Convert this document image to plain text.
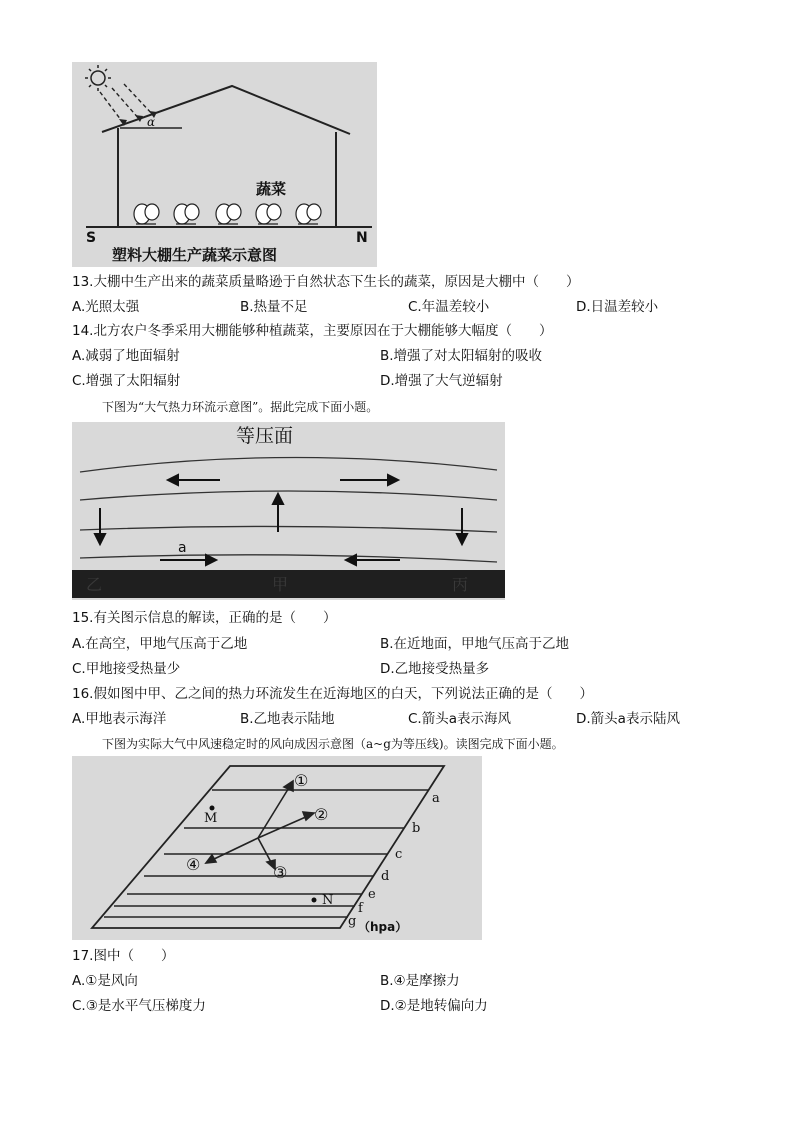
α
蔬菜
S	N
塑料大棚生产蔬菜示意图
13.大棚中生产出来的蔬菜质量略逊于自然状态下生长的蔬菜，原因是大棚中（　　）
A.光照太强	B.热量不足	C.年温差较小	D.日温差较小
14.北方农户冬季采用大棚能够种植蔬菜，主要原因在于大棚能够大幅度（　　）
A.减弱了地面辐射	B.增强了对太阳辐射的吸收
C.增强了太阳辐射	D.增强了大气逆辐射
下图为“大气热力环流示意图”。据此完成下面小题。
等压面
a
乙	甲	丙
15.有关图示信息的解读，正确的是（　　）
A.在高空，甲地气压高于乙地	B.在近地面，甲地气压高于乙地
C.甲地接受热量少	D.乙地接受热量多
16.假如图中甲、乙之间的热力环流发生在近海地区的白天，下列说法正确的是（　　）
A.甲地表示海洋	B.乙地表示陆地	C.箭头a表示海风	D.箭头a表示陆风
下图为实际大气中风速稳定时的风向成因示意图（a~g为等压线)。读图完成下面小题。
a
b
c
d
e
f
g （hpa）
M
N
①
②
③
④
17.图中（　　）
A.①是风向	B.④是摩擦力
C.③是水平气压梯度力	D.②是地转偏向力
